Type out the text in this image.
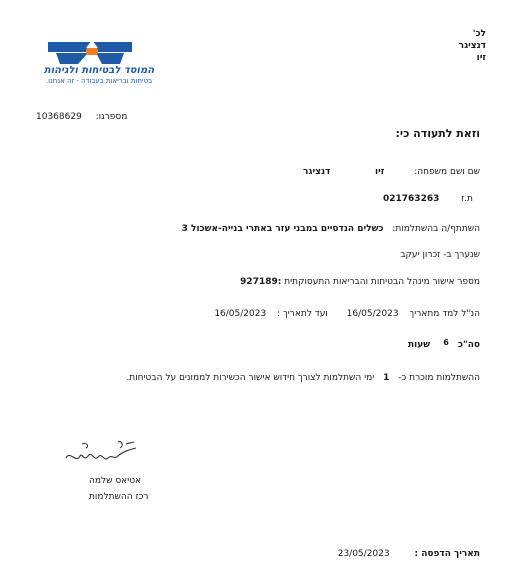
לכ'
דנציגר
זיו
המוסד לבטיחות ולגיהות
בטיחות ובריאות בעבודה - זה אנחנו.
מספרנו:  10368629
וזאת לתעודה כי:
שם ושם משפחה:
זיו
דנציגר
ת.ז
021763263
השתתף/ה בהשתלמות: כשלים הנדסיים במבני עזר באתרי בנייה-אשכול 3
שנערך ב- זכרון יעקב
מספר אישור מינהל הבטיחות והבריאות התעסוקתית :927189
הנ"ל למד מתאריך 16/05/2023 ועד לתאריך : 16/05/2023
סה"כ 6 שעות
ההשתלמות מוכרת כ- 1 ימי השתלמות לצורך חידוש אישור הכשירות לממונים על הבטיחות.
אטיאס שלמה
רכז ההשתלמות
תאריך הדפסה : 23/05/2023
